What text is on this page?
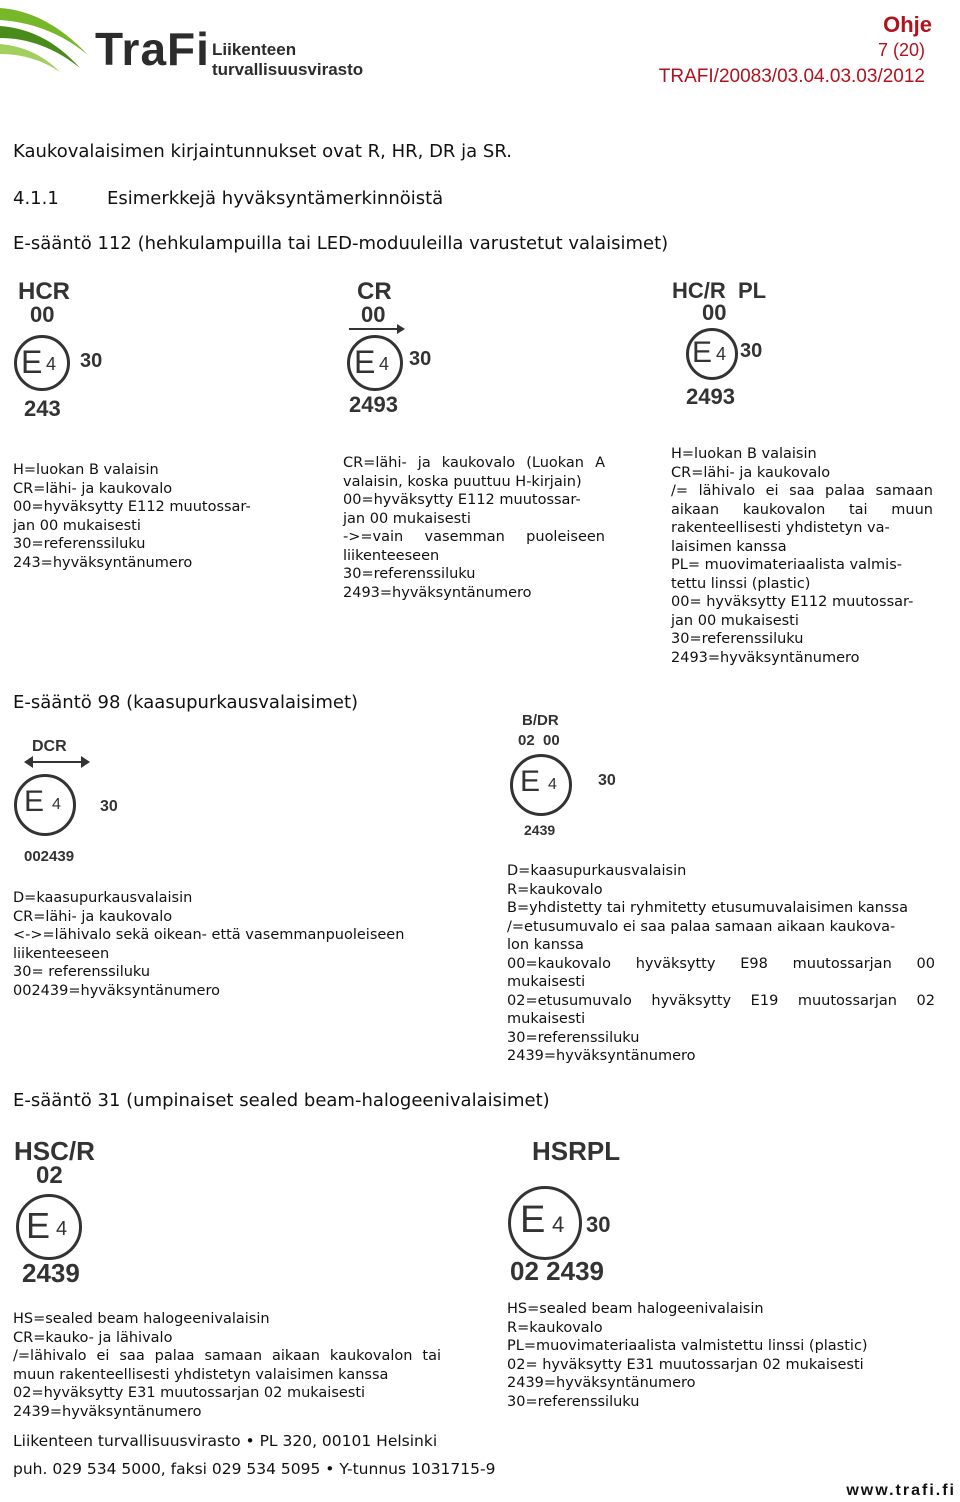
TraFi Liikenteen turvallisuusvirasto
Ohje
7 (20)
TRAFI/20083/03.04.03.03/2012
Kaukovalaisimen kirjaintunnukset ovat R, HR, DR ja SR.
4.1.1	Esimerkkejä hyväksyntämerkinnöistä
E-sääntö 112 (hehkulampuilla tai LED-moduuleilla varustetut valaisimet)
HCR
00
E 4 30
243
CR
00
E 4 30
2493
HC/R  PL
00
E 4 30
2493
H=luokan B valaisin
CR=lähi- ja kaukovalo
00=hyväksytty E112 muutossar-
jan 00 mukaisesti
30=referenssiluku
243=hyväksyntänumero
CR=lähi- ja kaukovalo (Luokan A valaisin, koska puuttuu H-kirjain)
00=hyväksytty E112 muutossar-
jan 00 mukaisesti
->=vain vasemman puoleiseen liikenteeseen
30=referenssiluku
2493=hyväksyntänumero
H=luokan B valaisin
CR=lähi- ja kaukovalo
/= lähivalo ei saa palaa samaan aikaan kaukovalon tai muun rakenteellisesti yhdistetyn va-
laisimen kanssa
PL= muovimateriaalista valmis-
tettu linssi (plastic)
00= hyväksytty E112 muutossar-
jan 00 mukaisesti
30=referenssiluku
2493=hyväksyntänumero
E-sääntö 98 (kaasupurkausvalaisimet)
DCR
E 4 30
002439
B/DR
02  00
E 4	30
2439
D=kaasupurkausvalaisin
CR=lähi- ja kaukovalo
<->=lähivalo sekä oikean- että vasemmanpuoleiseen liikenteeseen
30= referenssiluku
002439=hyväksyntänumero
D=kaasupurkausvalaisin
R=kaukovalo
B=yhdistetty tai ryhmitetty etusumuvalaisimen kanssa
/=etusumuvalo ei saa palaa samaan aikaan kaukova-
lon kanssa
00=kaukovalo hyväksytty E98 muutossarjan 00 mukaisesti
02=etusumuvalo hyväksytty E19 muutossarjan 02 mukaisesti
30=referenssiluku
2439=hyväksyntänumero
E-sääntö 31 (umpinaiset sealed beam-halogeenivalaisimet)
HSC/R
02
E 4
2439
HSRPL
E 4 30
02 2439
HS=sealed beam halogeenivalaisin
CR=kauko- ja lähivalo
/=lähivalo ei saa palaa samaan aikaan kaukovalon tai muun rakenteellisesti yhdistetyn valaisimen kanssa
02=hyväksytty E31 muutossarjan 02 mukaisesti
2439=hyväksyntänumero
HS=sealed beam halogeenivalaisin
R=kaukovalo
PL=muovimateriaalista valmistettu linssi (plastic)
02= hyväksytty E31 muutossarjan 02 mukaisesti
2439=hyväksyntänumero
30=referenssiluku
Liikenteen turvallisuusvirasto • PL 320, 00101 Helsinki
puh. 029 534 5000, faksi 029 534 5095 • Y-tunnus 1031715-9
www.trafi.fi
